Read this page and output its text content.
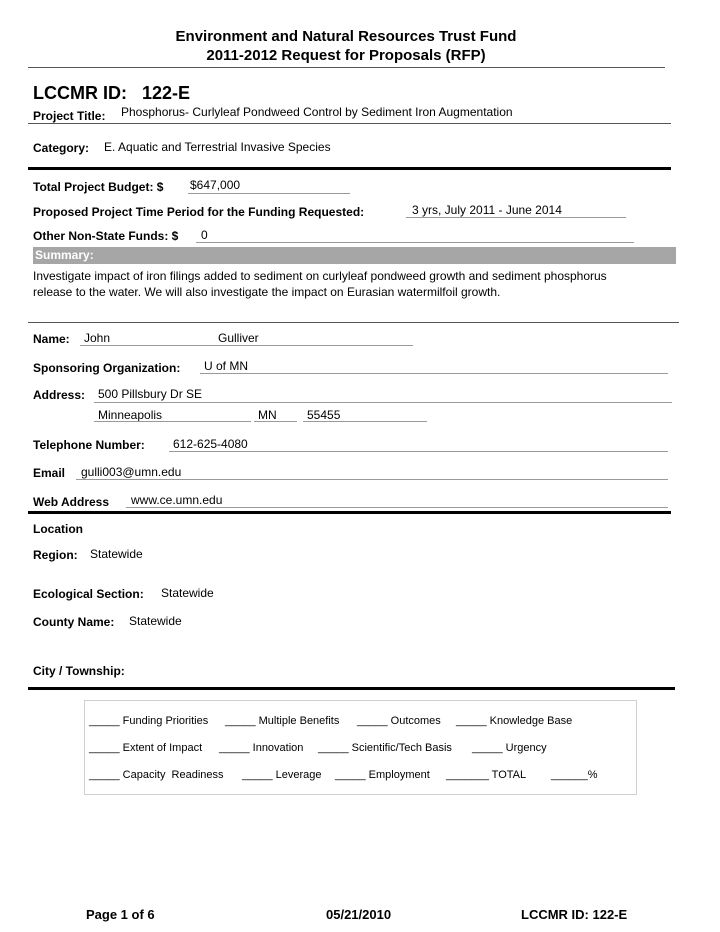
Environment and Natural Resources Trust Fund
2011-2012 Request for Proposals (RFP)
LCCMR ID:   122-E
Project Title: Phosphorus- Curlyleaf Pondweed Control by Sediment Iron Augmentation
Category: E. Aquatic and Terrestrial Invasive Species
Total Project Budget: $ $647,000
Proposed Project Time Period for the Funding Requested:	3 yrs, July 2011 - June 2014
Other Non-State Funds: $ 0
Summary:
Investigate impact of iron filings added to sediment on curlyleaf pondweed growth and sediment phosphorus
release to the water. We will also investigate the impact on Eurasian watermilfoil growth.
Name: John	Gulliver
Sponsoring Organization: U of MN
Address: 500 Pillsbury Dr SE
Minneapolis	MN	55455
Telephone Number: 612-625-4080
Email gulli003@umn.edu
Web Address www.ce.umn.edu
Location
Region: Statewide
Ecological Section: Statewide
County Name: Statewide
City / Township:
_____ Funding Priorities _____ Multiple Benefits _____ Outcomes _____ Knowledge Base
_____ Extent of Impact _____ Innovation _____ Scientific/Tech Basis _____ Urgency
_____ Capacity  Readiness _____ Leverage _____ Employment _______ TOTAL ______%
Page 1 of 6	05/21/2010	LCCMR ID: 122-E
